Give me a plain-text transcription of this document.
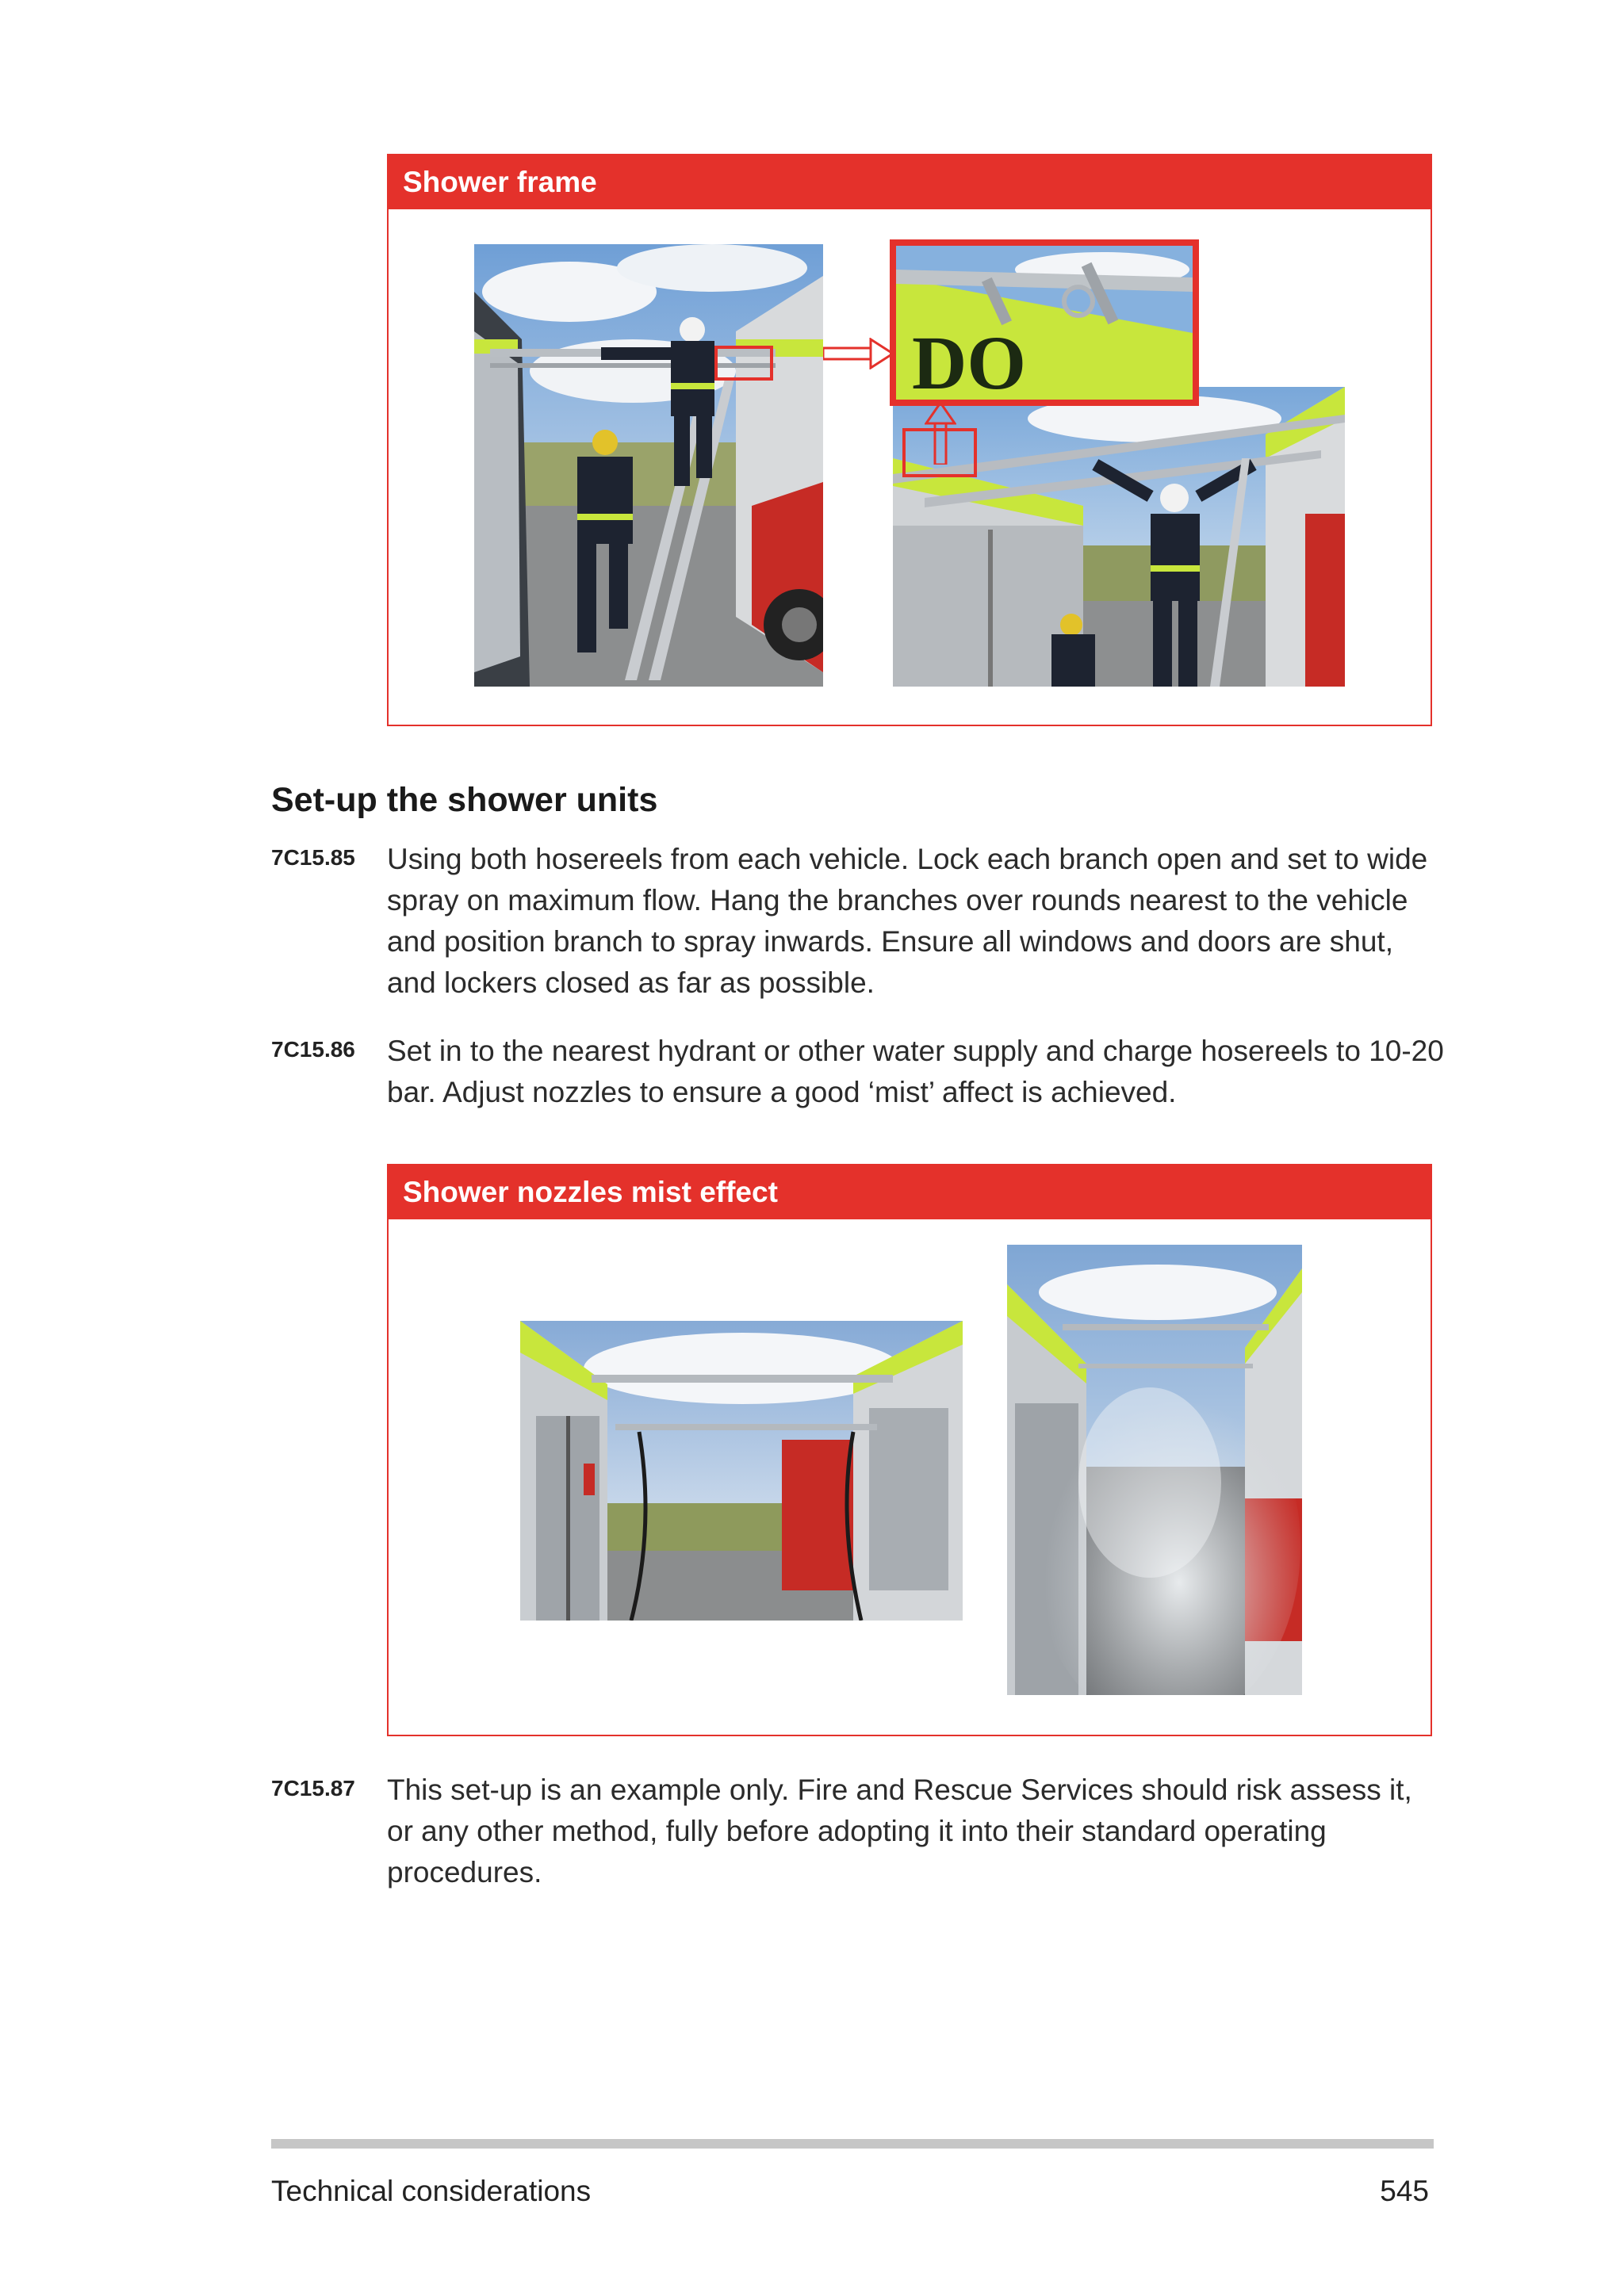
Shower frame
DO
Set-up the shower units
7C15.85 Using both hosereels from each vehicle. Lock each branch open and set to wide spray on maximum flow. Hang the branches over rounds nearest to the vehicle and position branch to spray inwards. Ensure all windows and doors are shut, and lockers closed as far as possible.
7C15.86 Set in to the nearest hydrant or other water supply and charge hosereels to 10-20 bar. Adjust nozzles to ensure a good ‘mist’ affect is achieved.
Shower nozzles mist effect
7C15.87 This set-up is an example only. Fire and Rescue Services should risk assess it, or any other method, fully before adopting it into their standard operating procedures.
Technical considerations	545
